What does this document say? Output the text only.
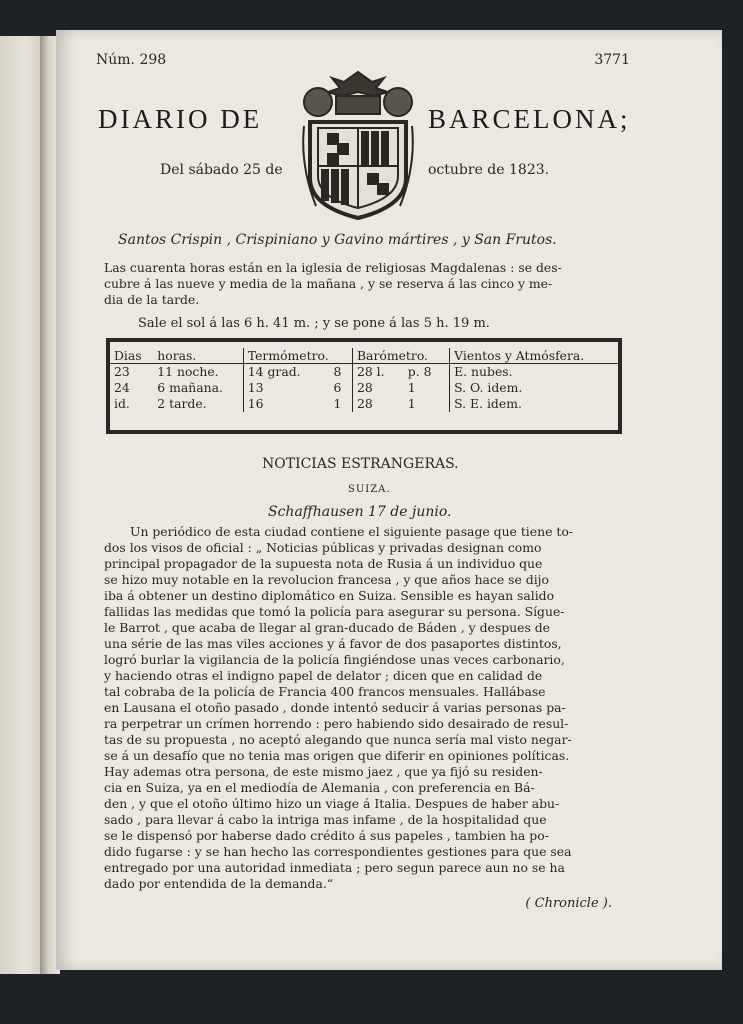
Núm. 298	3771
DIARIO DE	BARCELONA;
Del sábado 25 de	octubre de 1823.
Santos Crispin , Crispiniano y Gavino mártires , y San Frutos.
Las cuarenta horas están en la iglesia de religiosas Magdalenas : se des-
cubre á las nueve y media de la mañana , y se reserva á las cinco y me-
dia de la tarde.
Sale el sol á las 6 h. 41 m. ; y se pone á las 5 h. 19 m.
Dias	horas.	Termómetro.		Barómetro.		Vientos y Atmósfera.
23	11 noche.	14 grad.	8	28 l.	p. 8	E. nubes.
24	6 mañana.	13	6	28	1	S. O. idem.
id.	2 tarde.	16	1	28	1	S. E. idem.
NOTICIAS ESTRANGERAS.
SUIZA.
Schaffhausen 17 de junio.
Un periódico de esta ciudad contiene el siguiente pasage que tiene to-
dos los visos de oficial : „ Noticias públicas y privadas designan como
principal propagador de la supuesta nota de Rusia á un individuo que
se hizo muy notable en la revolucion francesa , y que años hace se dijo
iba á obtener un destino diplomático en Suiza. Sensible es hayan salido
fallidas las medidas que tomó la policía para asegurar su persona. Sígue-
le Barrot , que acaba de llegar al gran-ducado de Báden , y despues de
una série de las mas viles acciones y á favor de dos pasaportes distintos,
logró burlar la vigilancia de la policía fingiéndose unas veces carbonario,
y haciendo otras el indigno papel de delator ; dicen que en calidad de
tal cobraba de la policía de Francia 400 francos mensuales. Hallábase
en Lausana el otoño pasado , donde intentó seducir á varias personas pa-
ra perpetrar un crímen horrendo : pero habiendo sido desairado de resul-
tas de su propuesta , no aceptó alegando que nunca sería mal visto negar-
se á un desafío que no tenia mas origen que diferir en opiniones políticas.
Hay ademas otra persona, de este mismo jaez , que ya fijó su residen-
cia en Suiza, ya en el mediodía de Alemania , con preferencia en Bá-
den , y que el otoño último hizo un viage á Italia. Despues de haber abu-
sado , para llevar á cabo la intriga mas infame , de la hospitalidad que
se le dispensó por haberse dado crédito á sus papeles , tambien ha po-
dido fugarse : y se han hecho las correspondientes gestiones para que sea
entregado por una autoridad inmediata ; pero segun parece aun no se ha
dado por entendida de la demanda.“
( Chronicle ).
